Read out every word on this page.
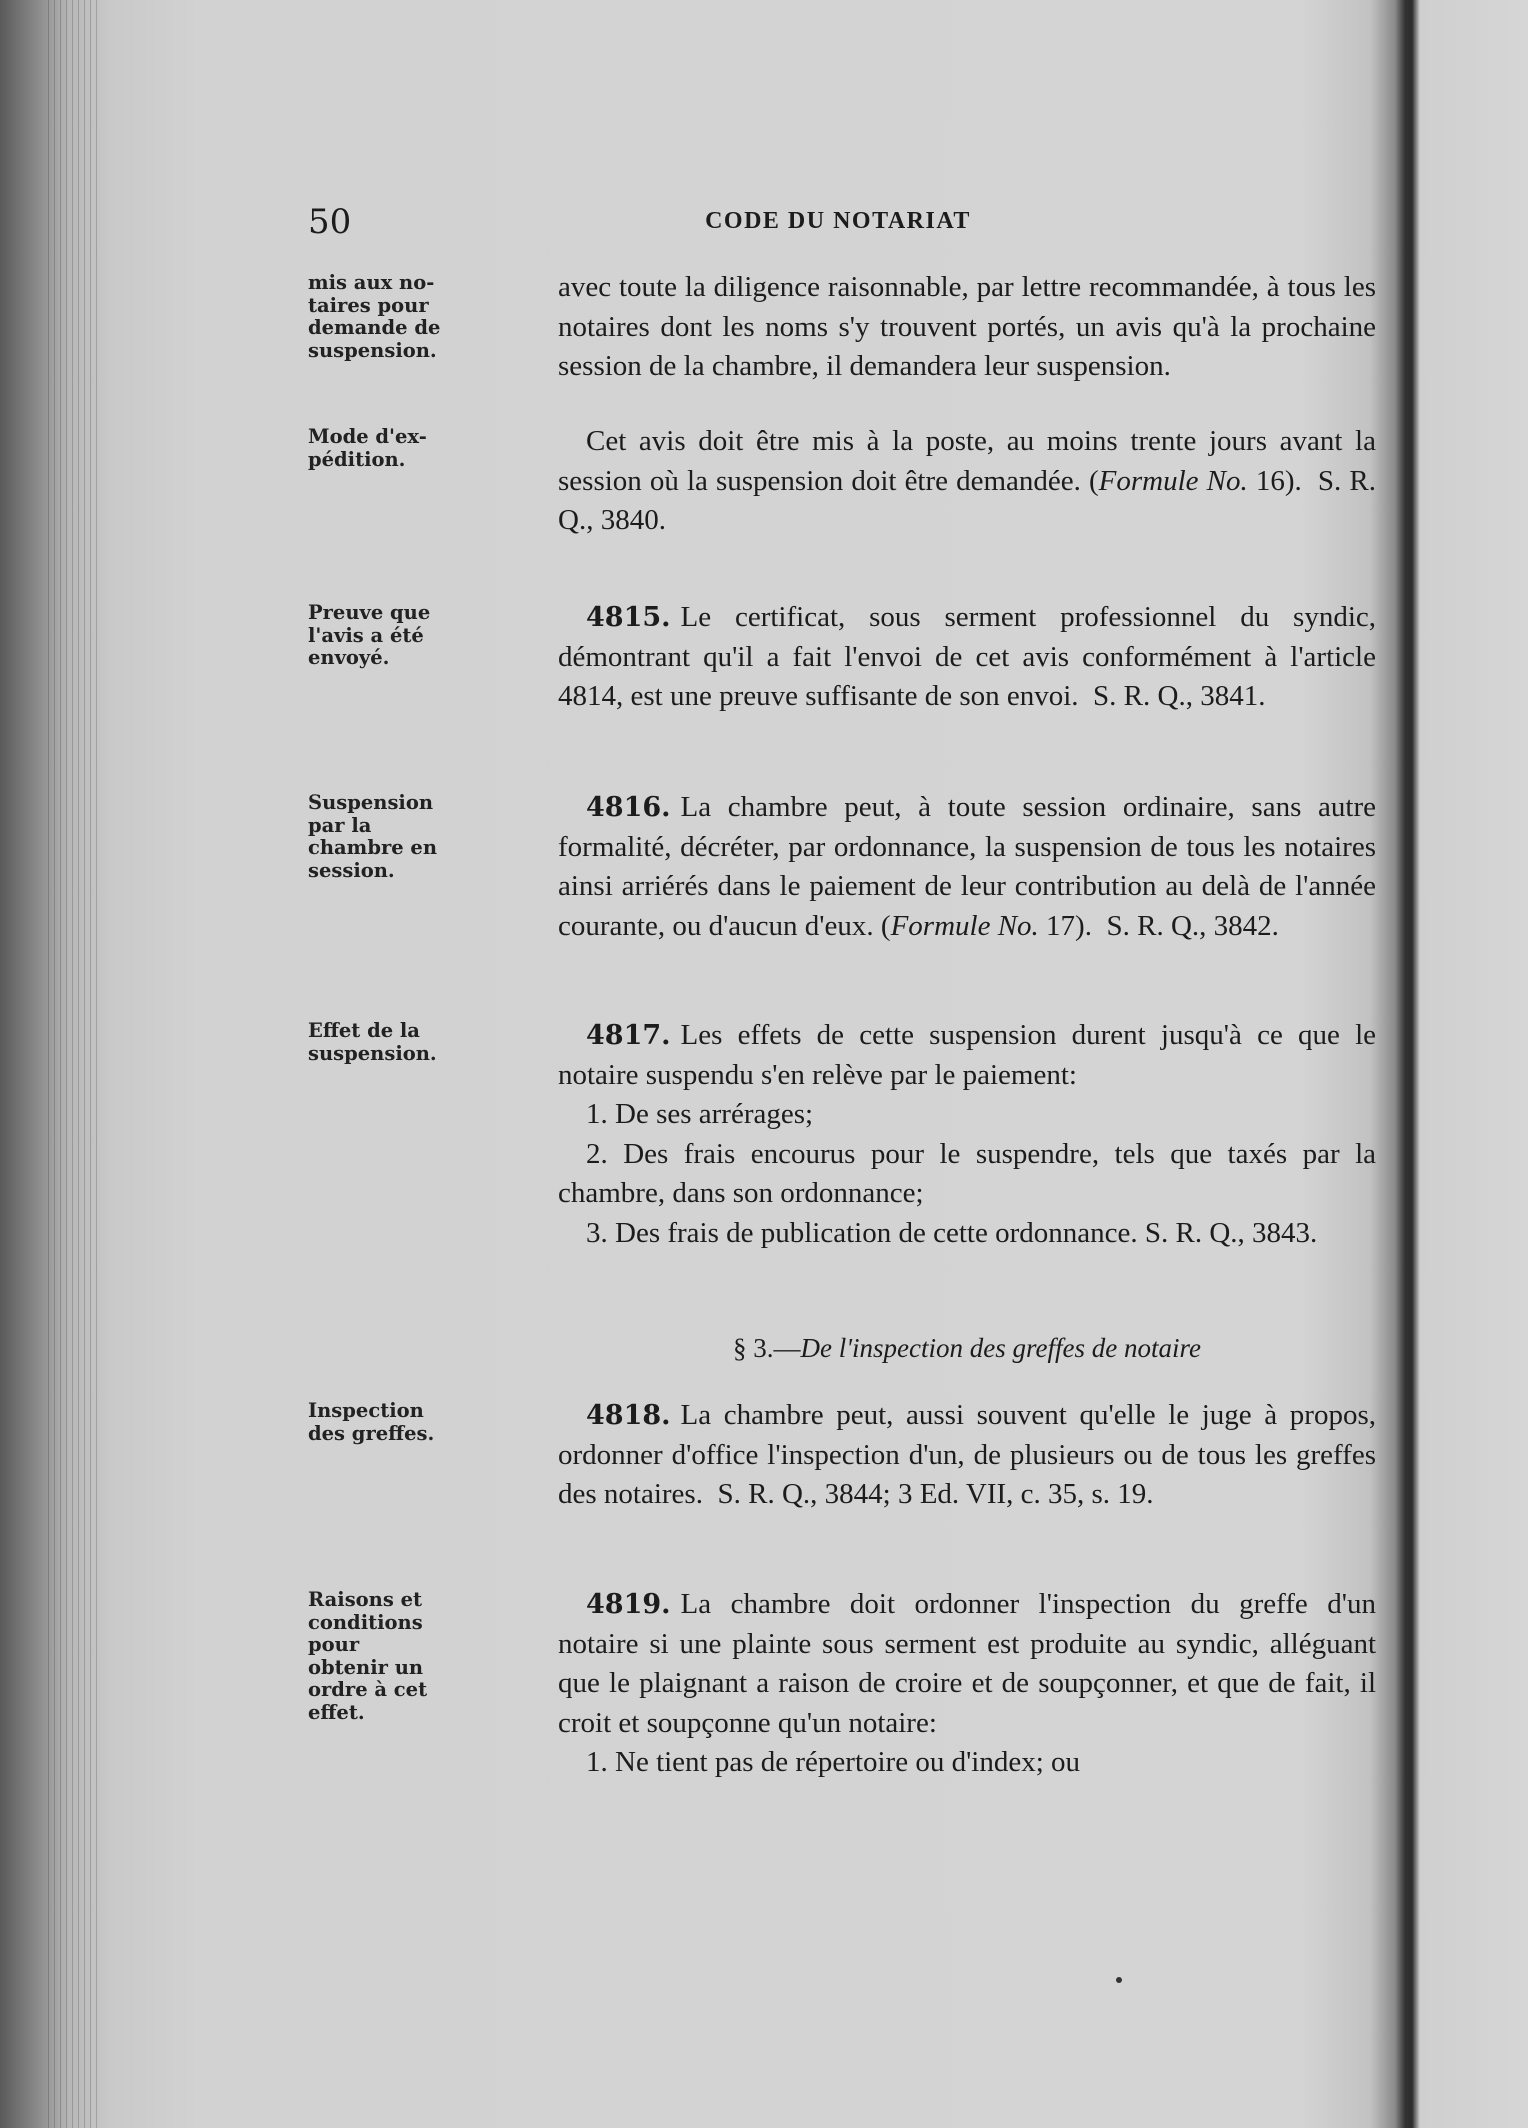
50	CODE DU NOTARIAT
mis aux no-taires pour demande de suspension.

avec toute la diligence raisonnable, par lettre recommandée, à tous les notaires dont les noms s'y trouvent portés, un avis qu'à la prochaine session de la chambre, il demandera leur suspension.

Mode d'ex-pédition.

Cet avis doit être mis à la poste, au moins trente jours avant la session où la suspension doit être demandée. (Formule No. 16).  S. R. Q., 3840.

Preuve que l'avis a été envoyé.

4815. Le certificat, sous serment professionnel du syndic, démontrant qu'il a fait l'envoi de cet avis conformément à l'article 4814, est une preuve suffisante de son envoi. S. R. Q., 3841.

Suspension par la chambre en session.

4816. La chambre peut, à toute session ordinaire, sans autre formalité, décréter, par ordonnance, la suspension de tous les notaires ainsi arriérés dans le paiement de leur contribution au delà de l'année courante, ou d'aucun d'eux. (Formule No. 17).  S. R. Q., 3842.

Effet de la suspension.

4817. Les effets de cette suspension durent jusqu'à ce que le notaire suspendu s'en relève par le paiement:

1. De ses arrérages;

2. Des frais encourus pour le suspendre, tels que taxés par la chambre, dans son ordonnance;

3. Des frais de publication de cette ordonnance. S. R. Q., 3843.

§ 3.—De l'inspection des greffes de notaire
Inspection des greffes.

4818. La chambre peut, aussi souvent qu'elle le juge à propos, ordonner d'office l'inspection d'un, de plusieurs ou de tous les greffes des notaires. S. R. Q., 3844; 3 Ed. VII, c. 35, s. 19.

Raisons et conditions pour obtenir un ordre à cet effet.

4819. La chambre doit ordonner l'inspection du greffe d'un notaire si une plainte sous serment est produite au syndic, alléguant que le plaignant a raison de croire et de soupçonner, et que de fait, il croit et soupçonne qu'un notaire:

1. Ne tient pas de répertoire ou d'index; ou
